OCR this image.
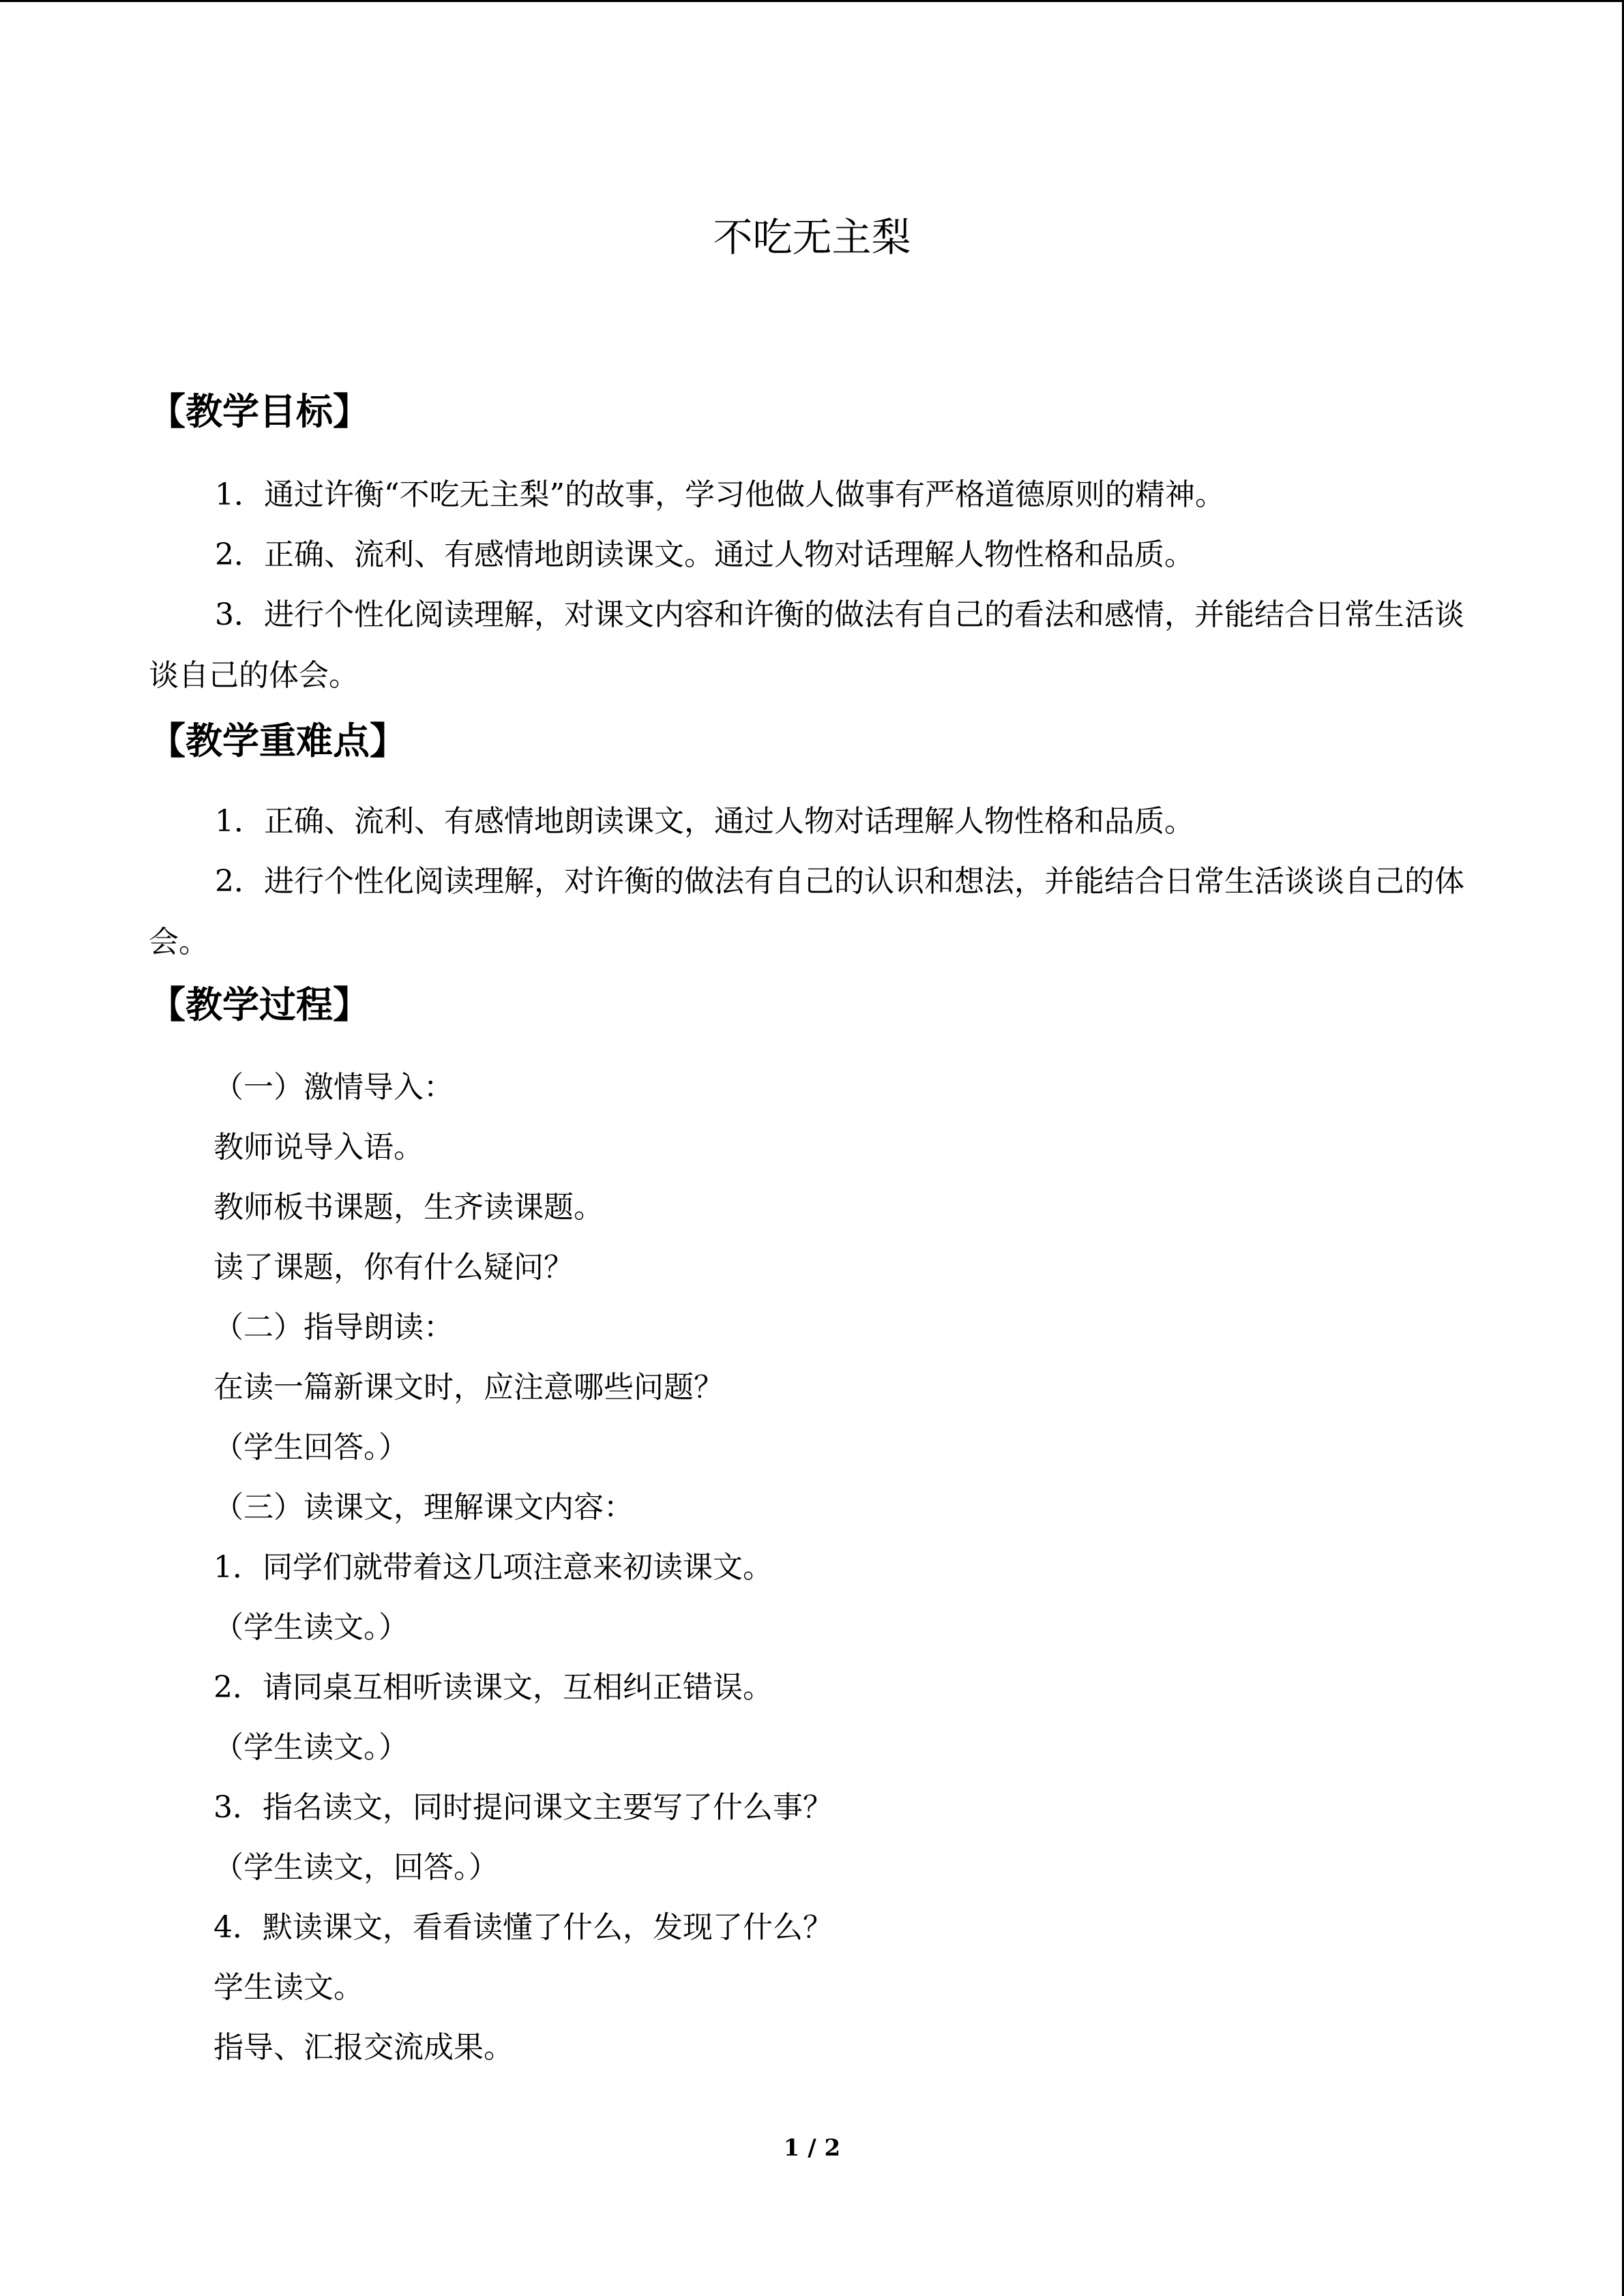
不吃无主梨
【教学目标】
1．通过许衡“不吃无主梨”的故事，学习他做人做事有严格道德原则的精神。
2．正确、流利、有感情地朗读课文。通过人物对话理解人物性格和品质。
3．进行个性化阅读理解，对课文内容和许衡的做法有自己的看法和感情，并能结合日常生活谈谈自己的体会。
【教学重难点】
1．正确、流利、有感情地朗读课文，通过人物对话理解人物性格和品质。
2．进行个性化阅读理解，对许衡的做法有自己的认识和想法，并能结合日常生活谈谈自己的体会。
【教学过程】
（一）激情导入：
教师说导入语。
教师板书课题，生齐读课题。
读了课题，你有什么疑问？
（二）指导朗读：
在读一篇新课文时，应注意哪些问题？
（学生回答。）
（三）读课文，理解课文内容：
1．同学们就带着这几项注意来初读课文。
（学生读文。）
2．请同桌互相听读课文，互相纠正错误。
（学生读文。）
3．指名读文，同时提问课文主要写了什么事？
（学生读文，回答。）
4．默读课文，看看读懂了什么，发现了什么？
学生读文。
指导、汇报交流成果。
1 / 2
